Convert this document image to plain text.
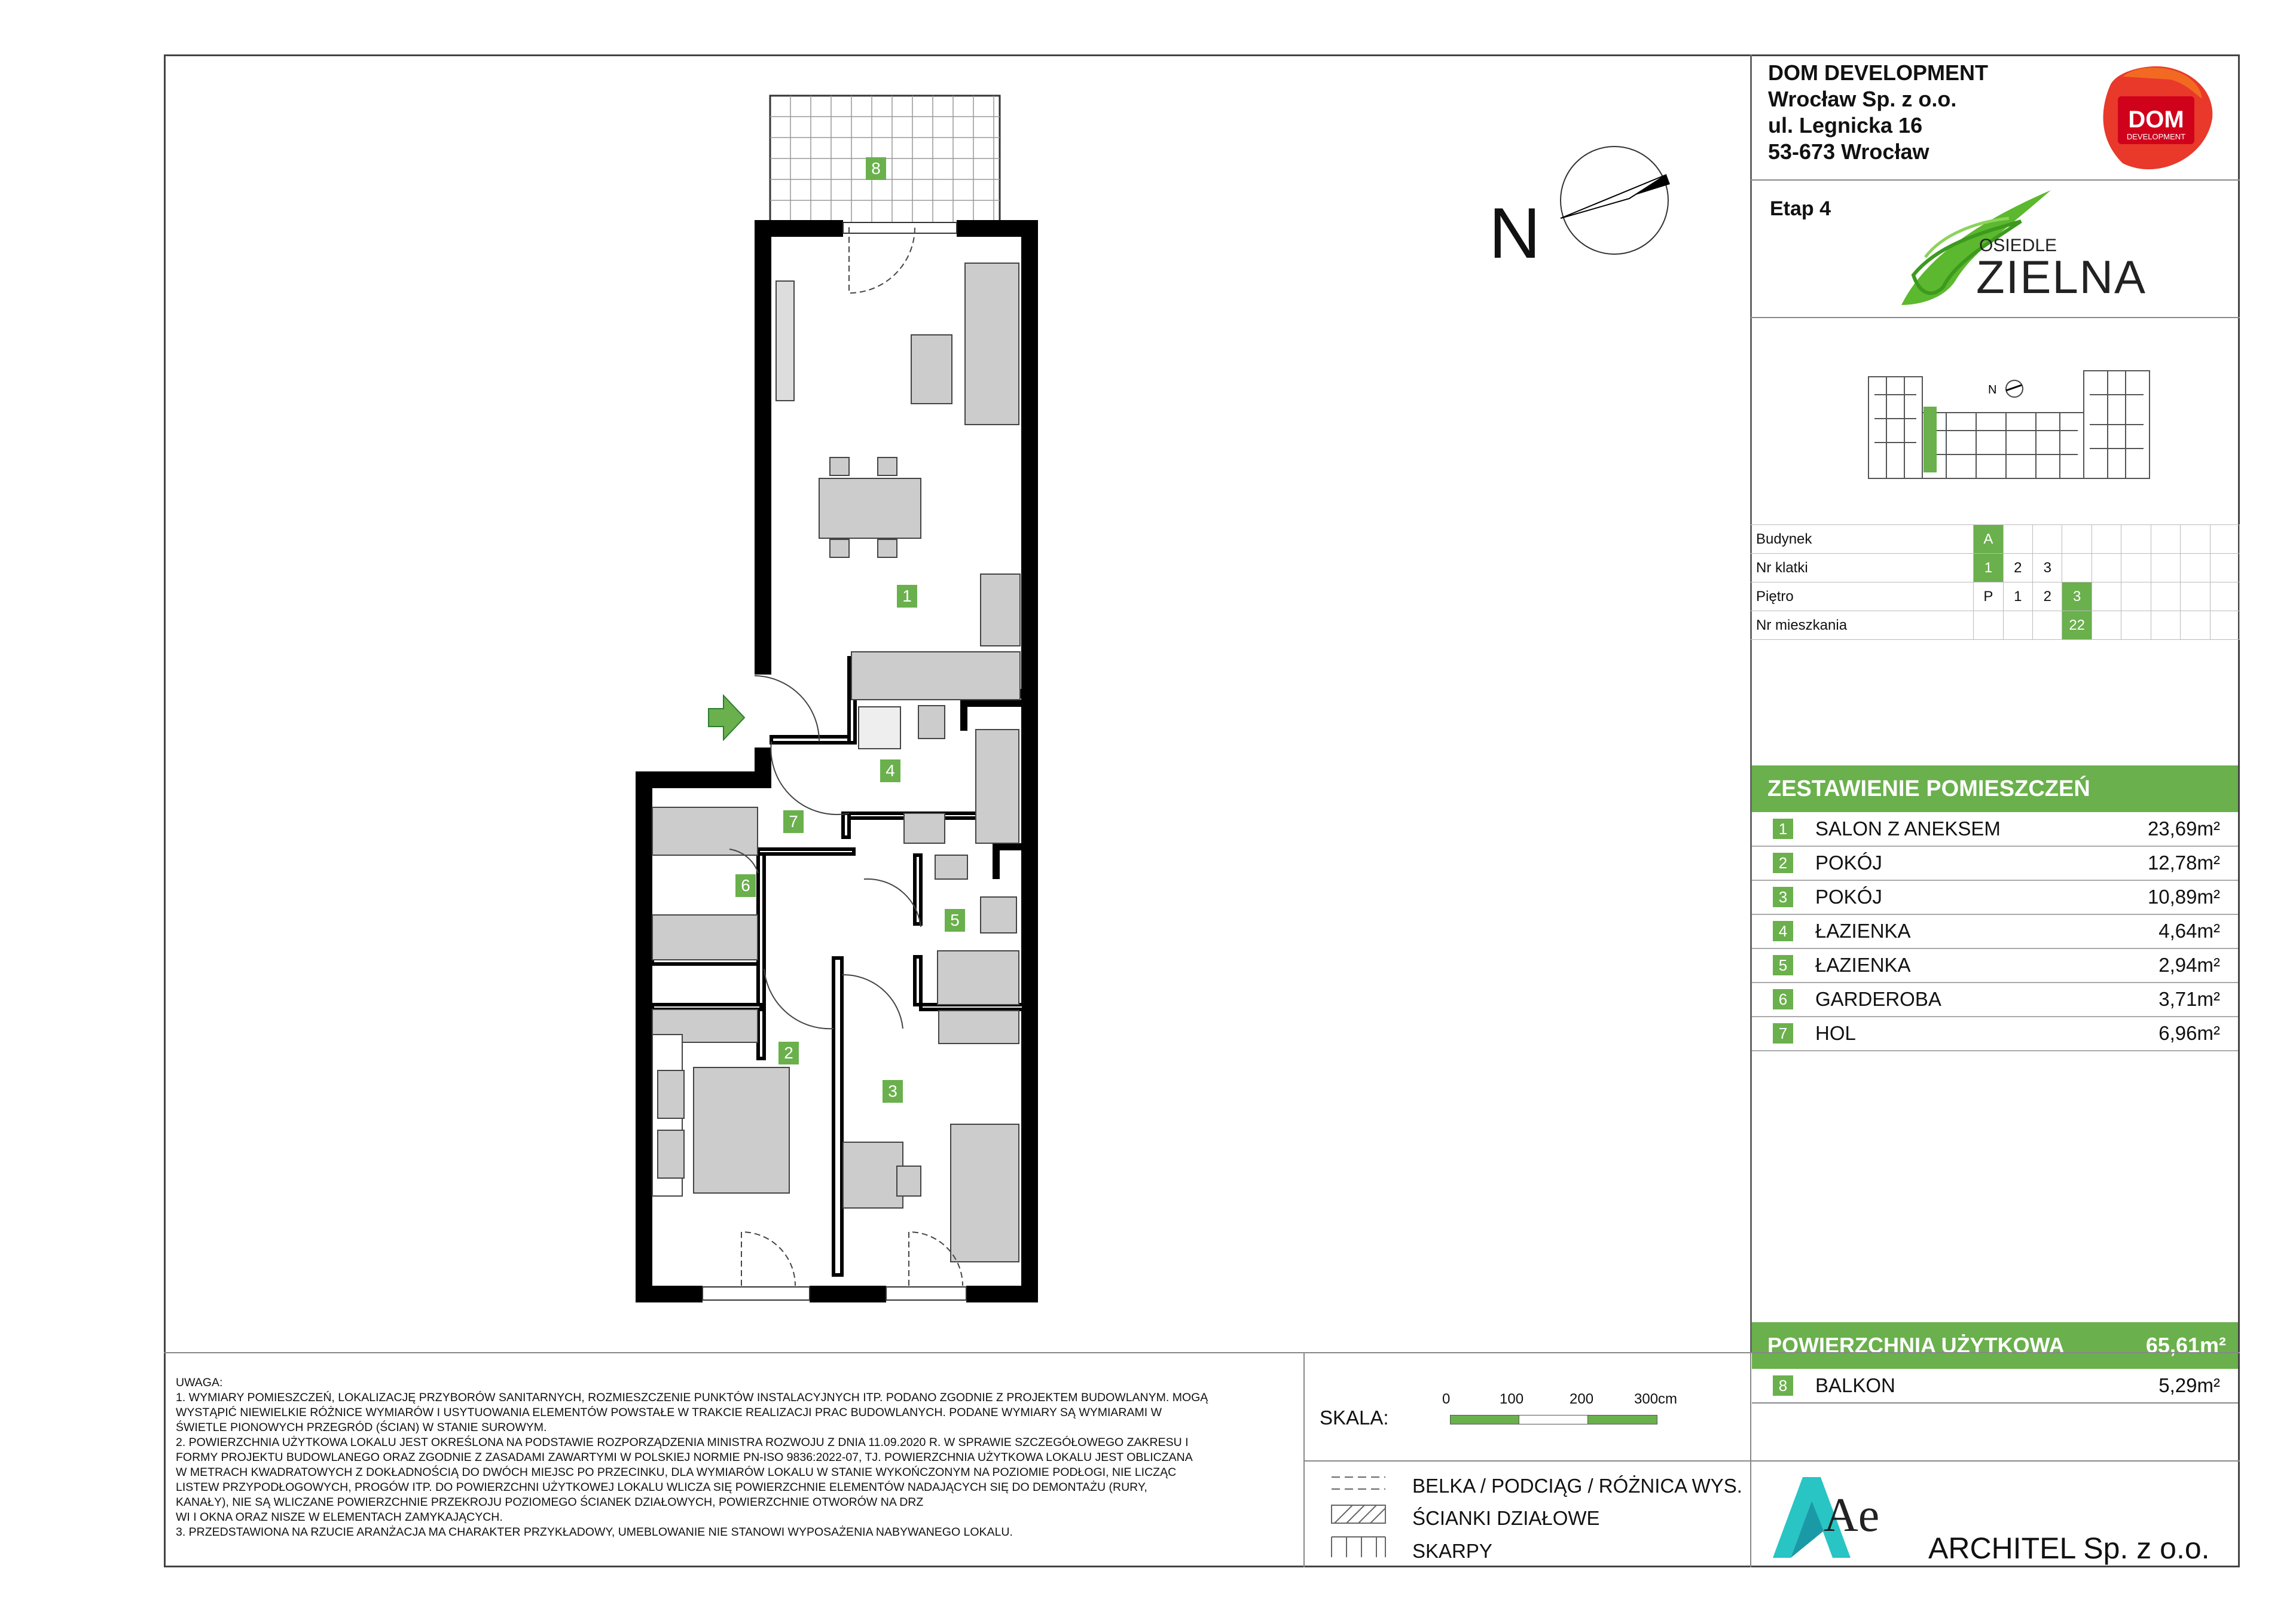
DOM DEVELOPMENT
Wrocław Sp. z o.o.
ul. Legnicka 16
53-673 Wrocław
DOM
DEVELOPMENT
Etap 4
OSIEDLE
ZIELNA
N
Budynek	A								
Nr klatki	1	2	3						
Piętro	P	1	2	3					
Nr mieszkania				22					
ZESTAWIENIE POMIESZCZEŃ
1 SALON Z ANEKSEM	23,69m²
2 POKÓJ	12,78m²
3 POKÓJ	10,89m²
4 ŁAZIENKA	4,64m²
5 ŁAZIENKA	2,94m²
6 GARDEROBA	3,71m²
7 HOL	6,96m²
POWIERZCHNIA UŻYTKOWA	65,61m²
8 BALKON	5,29m²
UWAGA:
1. WYMIARY POMIESZCZEŃ, LOKALIZACJĘ PRZYBORÓW SANITARNYCH, ROZMIESZCZENIE PUNKTÓW INSTALACYJNYCH ITP. PODANO ZGODNIE Z PROJEKTEM BUDOWLANYM. MOGĄ
WYSTĄPIĆ NIEWIELKIE RÓŻNICE WYMIARÓW I USYTUOWANIA ELEMENTÓW POWSTAŁE W TRAKCIE REALIZACJI PRAC BUDOWLANYCH. PODANE WYMIARY SĄ WYMIARAMI W
ŚWIETLE PIONOWYCH PRZEGRÓD (ŚCIAN) W STANIE SUROWYM.
2. POWIERZCHNIA UŻYTKOWA LOKALU JEST OKREŚLONA NA PODSTAWIE ROZPORZĄDZENIA MINISTRA ROZWOJU Z DNIA 11.09.2020 R. W SPRAWIE SZCZEGÓŁOWEGO ZAKRESU I
FORMY PROJEKTU BUDOWLANEGO ORAZ ZGODNIE Z ZASADAMI ZAWARTYMI W POLSKIEJ NORMIE PN-ISO 9836:2022-07, TJ. POWIERZCHNIA UŻYTKOWA LOKALU JEST OBLICZANA
W METRACH KWADRATOWYCH Z DOKŁADNOŚCIĄ DO DWÓCH MIEJSC PO PRZECINKU, DLA WYMIARÓW LOKALU W STANIE WYKOŃCZONYM NA POZIOMIE PODŁOGI, NIE LICZĄC
LISTEW PRZYPODŁOGOWYCH, PROGÓW ITP. DO POWIERZCHNI UŻYTKOWEJ LOKALU WLICZA SIĘ POWIERZCHNIE ELEMENTÓW NADAJĄCYCH SIĘ DO DEMONTAŻU (RURY,
KANAŁY), NIE SĄ WLICZANE POWIERZCHNIE PRZEKROJU POZIOMEGO ŚCIANEK DZIAŁOWYCH, POWIERZCHNIE OTWORÓW NA DRZ
WI I OKNA ORAZ NISZE W ELEMENTACH ZAMYKAJĄCYCH.
3. PRZEDSTAWIONA NA RZUCIE ARANŻACJA MA CHARAKTER PRZYKŁADOWY, UMEBLOWANIE NIE STANOWI WYPOSAŻENIA NABYWANEGO LOKALU.
SKALA:
0	100	200	300cm
BELKA / PODCIĄG / RÓŻNICA WYS.
ŚCIANKI DZIAŁOWE
SKARPY
Ae
ARCHITEL Sp. z o.o.
N
8
1
4
7
6
5
2
3
